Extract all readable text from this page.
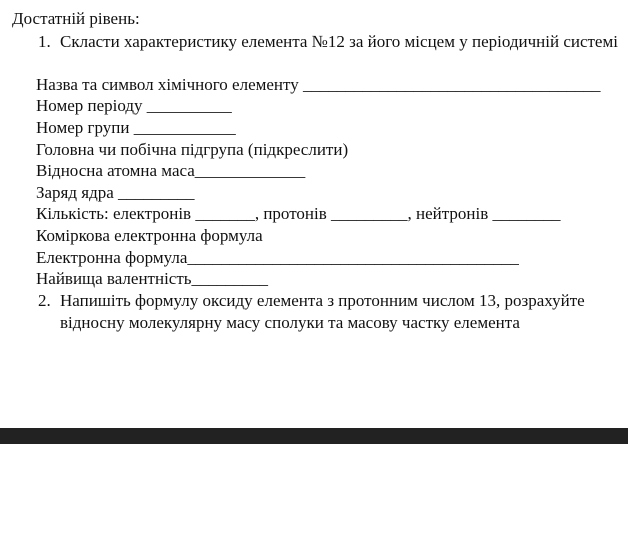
Достатній рівень:
1. Скласти характеристику елемента №12 за його місцем у періодичній системі
Назва та символ хімічного елементу ___________________________________
Номер періоду __________
Номер групи ____________
Головна чи побічна підгрупа (підкреслити)
Відносна атомна маса_____________
Заряд ядра _________
Кількість: електронів _______, протонів _________, нейтронів ________
Коміркова електронна формула
Електронна формула_______________________________________
Найвища валентність_________
2. Напишіть формулу оксиду елемента з протонним числом 13, розрахуйте відносну молекулярну масу сполуки та масову частку елемента
